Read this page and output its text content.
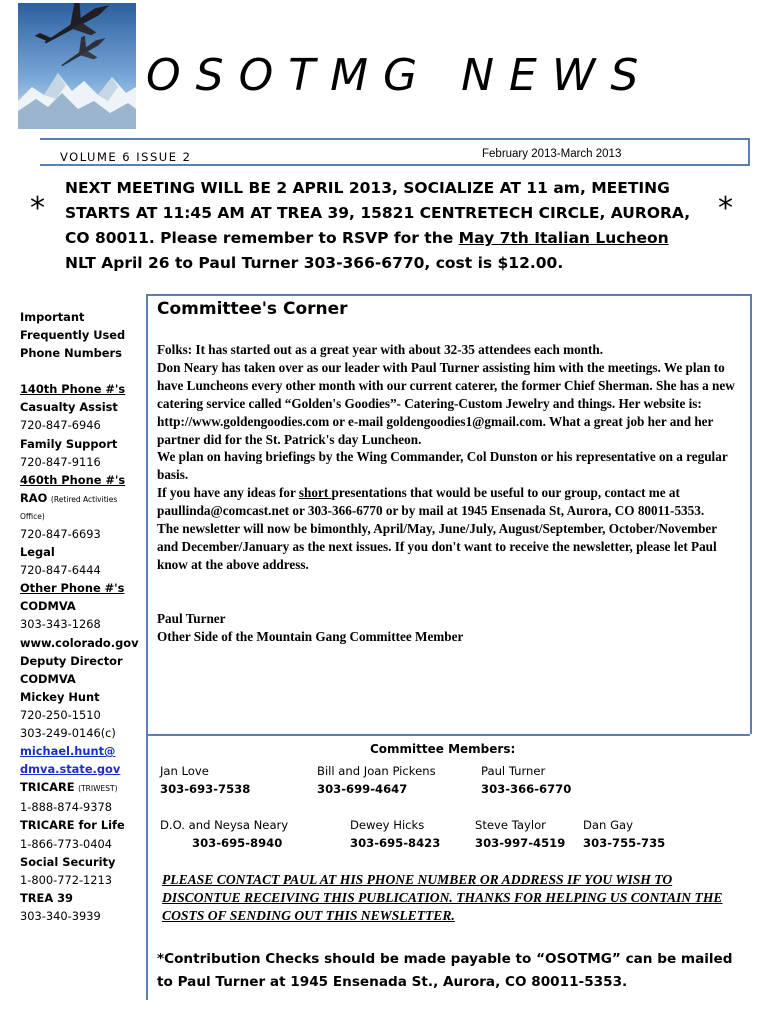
OSOTMG NEWS
VOLUME 6 ISSUE 2	February 2013-March 2013
*	*
NEXT MEETING WILL BE 2 APRIL 2013, SOCIALIZE AT 11 am, MEETING STARTS AT 11:45 AM AT TREA 39, 15821 CENTRETECH CIRCLE, AURORA, CO 80011. Please remember to RSVP for the May 7th Italian Lucheon NLT April 26 to Paul Turner 303-366-6770, cost is $12.00.
Important
Frequently Used
Phone Numbers
140th Phone #'s
Casualty Assist
720-847-6946
Family Support
720-847-9116
460th Phone #'s
RAO (Retired Activities
Office)
720-847-6693
Legal
720-847-6444
Other Phone #'s
CODMVA
303-343-1268
www.colorado.gov
Deputy Director
CODMVA
Mickey Hunt
720-250-1510
303-249-0146(c)
michael.hunt@
dmva.state.gov
TRICARE (TRIWEST)
1-888-874-9378
TRICARE for Life
1-866-773-0404
Social Security
1-800-772-1213
TREA 39
303-340-3939
Committee's Corner

Folks: It has started out as a great year with about 32-35 attendees each month.

Don Neary has taken over as our leader with Paul Turner assisting him with the meetings. We plan to have Luncheons every other month with our current caterer, the former Chief Sherman. She has a new catering service called “Golden's Goodies”- Catering-Custom Jewelry and things. Her website is: http://www.goldengoodies.com or e-mail goldengoodies1@gmail.com. What a great job her and her partner did for the St. Patrick's day Luncheon.

We plan on having briefings by the Wing Commander, Col Dunston or his representative on a regular basis.

If you have any ideas for short presentations that would be useful to our group, contact me at paullinda@comcast.net or 303-366-6770 or by mail at 1945 Ensenada St, Aurora, CO 80011-5353.

The newsletter will now be bimonthly, April/May, June/July, August/September, October/November and December/January as the next issues. If you don't want to receive the newsletter, please let Paul know at the above address.

Paul Turner

Other Side of the Mountain Gang Committee Member

Committee Members:
Jan Love
303-693-7538
Bill and Joan Pickens
303-699-4647
Paul Turner
303-366-6770
D.O. and Neysa Neary
303-695-8940
Dewey Hicks
303-695-8423
Steve Taylor
303-997-4519
Dan Gay
303-755-735
PLEASE CONTACT PAUL AT HIS PHONE NUMBER OR ADDRESS IF YOU WISH TO DISCONTUE RECEIVING THIS PUBLICATION. THANKS FOR HELPING US CONTAIN THE COSTS OF SENDING OUT THIS NEWSLETTER.
*Contribution Checks should be made payable to “OSOTMG” can be mailed to Paul Turner at 1945 Ensenada St., Aurora, CO 80011-5353.
